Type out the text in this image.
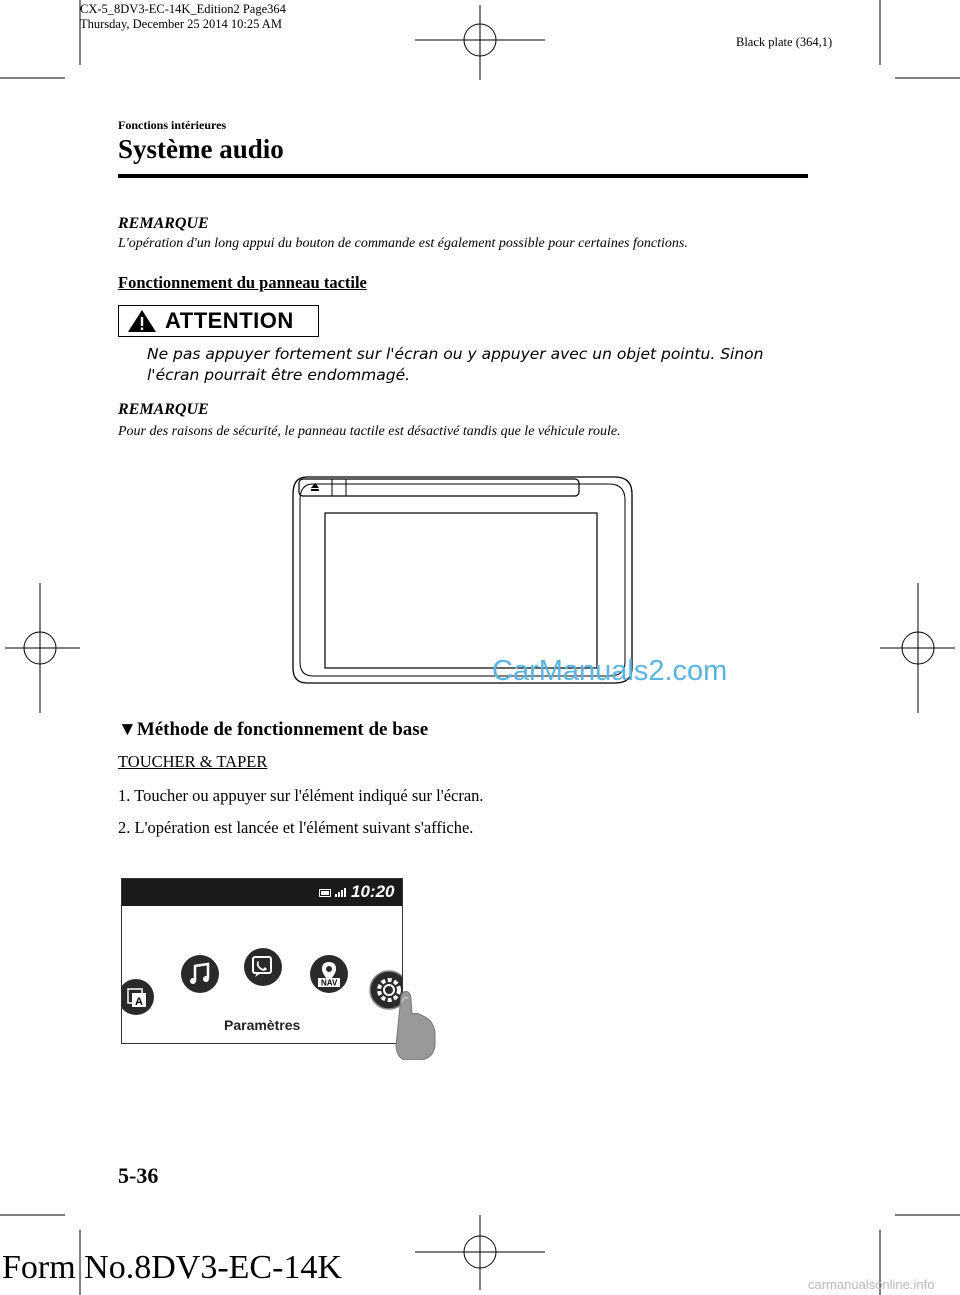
CX-5_8DV3-EC-14K_Edition2 Page364
Thursday, December 25 2014 10:25 AM
Black plate (364,1)
Fonctions intérieures
Système audio
REMARQUE
L'opération d'un long appui du bouton de commande est également possible pour certaines fonctions.
Fonctionnement du panneau tactile
ATTENTION
Ne pas appuyer fortement sur l'écran ou y appuyer avec un objet pointu. Sinon
l'écran pourrait être endommagé.
REMARQUE
Pour des raisons de sécurité, le panneau tactile est désactivé tandis que le véhicule roule.
CarManuals2.com
▼Méthode de fonctionnement de base
TOUCHER & TAPER
1. Toucher ou appuyer sur l'élément indiqué sur l'écran.
2. L'opération est lancée et l'élément suivant s'affiche.
10:20
A
NAV
Paramètres
5-36
Form No.8DV3-EC-14K	carmanualsonline.info
